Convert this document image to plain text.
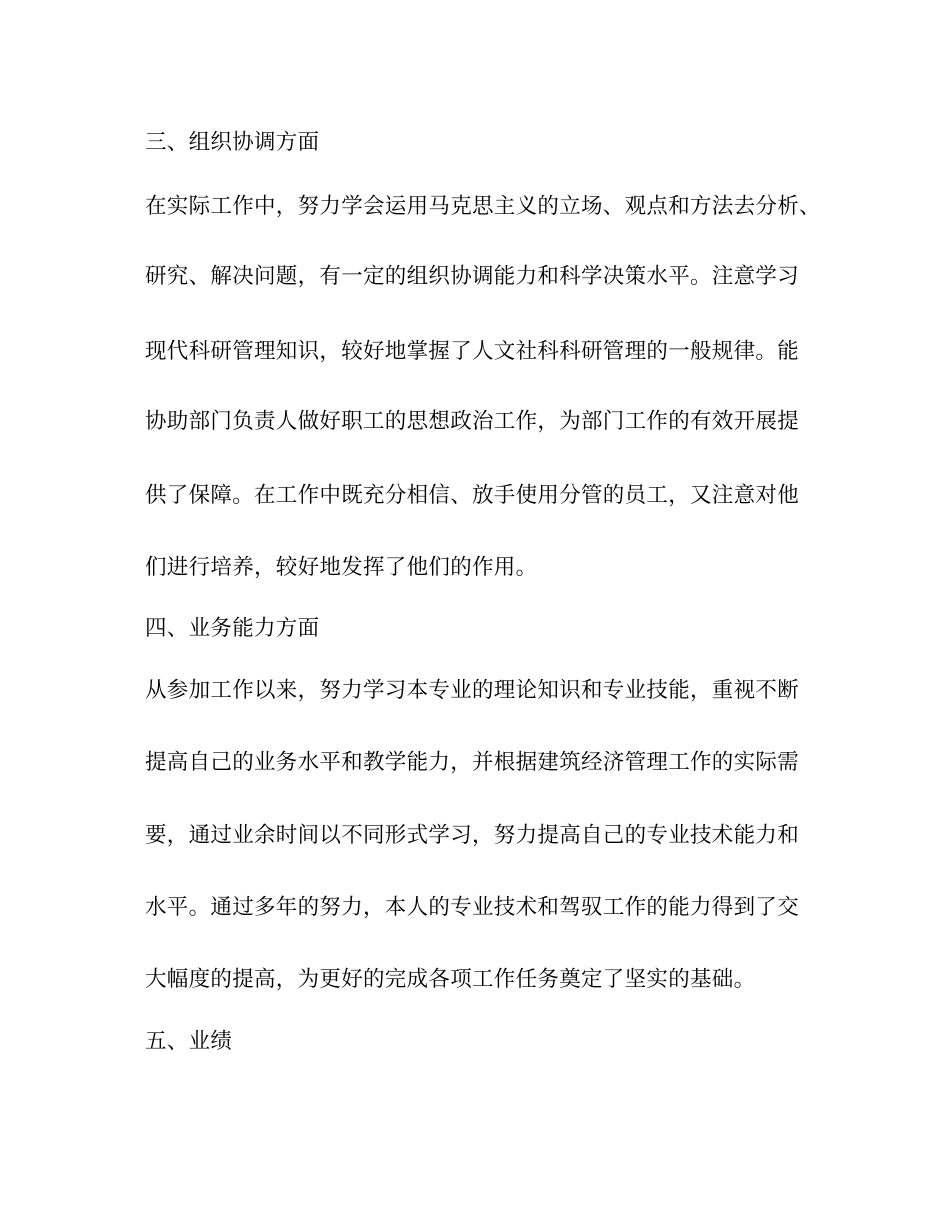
三、组织协调方面
在实际工作中，努力学会运用马克思主义的立场、观点和方法去分析、
研究、解决问题，有一定的组织协调能力和科学决策水平。注意学习
现代科研管理知识，较好地掌握了人文社科科研管理的一般规律。能
协助部门负责人做好职工的思想政治工作，为部门工作的有效开展提
供了保障。在工作中既充分相信、放手使用分管的员工，又注意对他
们进行培养，较好地发挥了他们的作用。
四、业务能力方面
从参加工作以来，努力学习本专业的理论知识和专业技能，重视不断
提高自己的业务水平和教学能力，并根据建筑经济管理工作的实际需
要，通过业余时间以不同形式学习，努力提高自己的专业技术能力和
水平。通过多年的努力，本人的专业技术和驾驭工作的能力得到了交
大幅度的提高，为更好的完成各项工作任务奠定了坚实的基础。
五、业绩
